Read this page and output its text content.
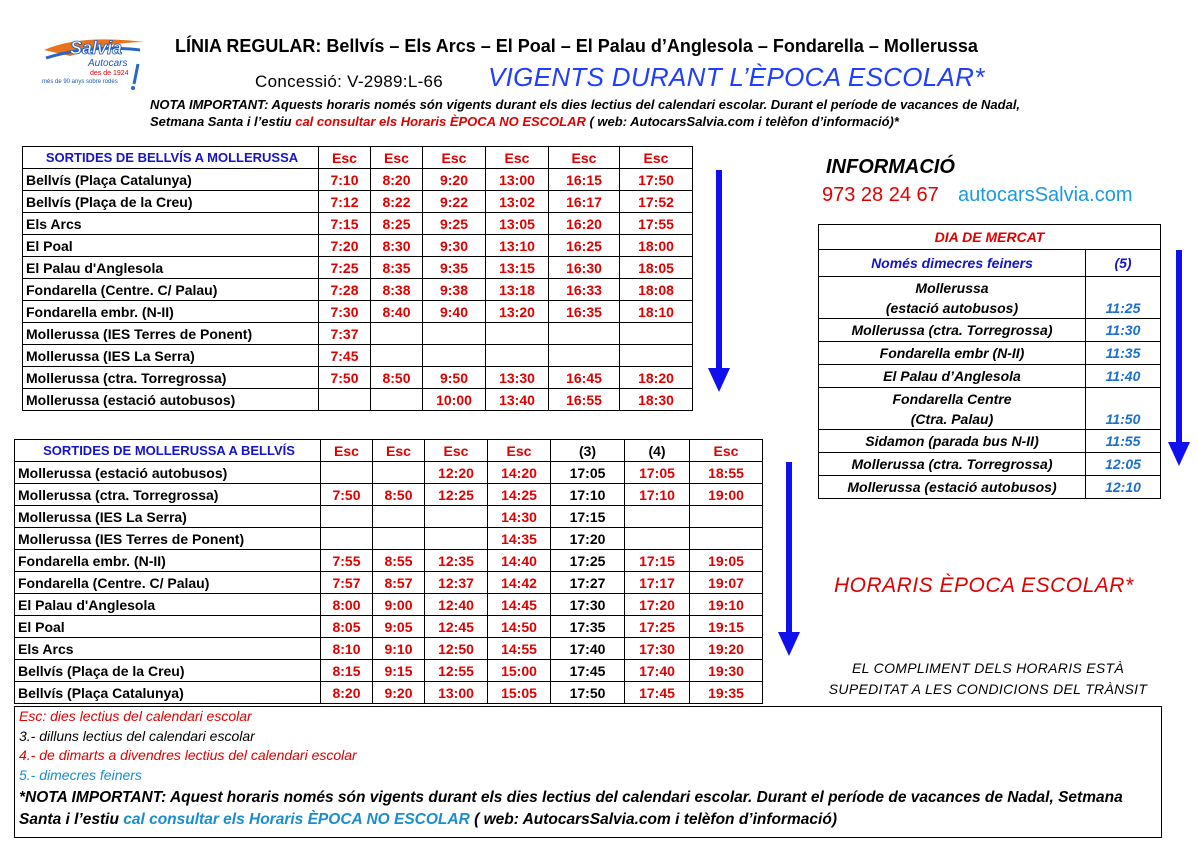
Salvia
Autocars
des de 1924
més de 90 anys sobre rodes
LÍNIA REGULAR: Bellvís – Els Arcs – El Poal – El Palau d’Anglesola – Fondarella – Mollerussa
Concessió: V-2989:L-66 VIGENTS DURANT L’ÈPOCA ESCOLAR*
NOTA IMPORTANT: Aquests horaris només són vigents durant els dies lectius del calendari escolar. Durant el període de vacances de Nadal, Setmana Santa i l’estiu cal consultar els Horaris ÈPOCA NO ESCOLAR ( web: AutocarsSalvia.com i telèfon d’informació)*
SORTIDES DE BELLVÍS A MOLLERUSSA	Esc	Esc	Esc	Esc	Esc	Esc
Bellvís (Plaça Catalunya)	7:10	8:20	9:20	13:00	16:15	17:50
Bellvís (Plaça de la Creu)	7:12	8:22	9:22	13:02	16:17	17:52
Els Arcs	7:15	8:25	9:25	13:05	16:20	17:55
El Poal	7:20	8:30	9:30	13:10	16:25	18:00
El Palau d'Anglesola	7:25	8:35	9:35	13:15	16:30	18:05
Fondarella (Centre. C/ Palau)	7:28	8:38	9:38	13:18	16:33	18:08
Fondarella embr. (N-II)	7:30	8:40	9:40	13:20	16:35	18:10
Mollerussa (IES Terres de Ponent)	7:37					
Mollerussa (IES La Serra)	7:45					
Mollerussa (ctra. Torregrossa)	7:50	8:50	9:50	13:30	16:45	18:20
Mollerussa (estació autobusos)			10:00	13:40	16:55	18:30
SORTIDES DE MOLLERUSSA A BELLVÍS	Esc	Esc	Esc	Esc	(3)	(4)	Esc
Mollerussa (estació autobusos)			12:20	14:20	17:05	17:05	18:55
Mollerussa (ctra. Torregrossa)	7:50	8:50	12:25	14:25	17:10	17:10	19:00
Mollerussa (IES La Serra)				14:30	17:15		
Mollerussa (IES Terres de Ponent)				14:35	17:20		
Fondarella embr. (N-II)	7:55	8:55	12:35	14:40	17:25	17:15	19:05
Fondarella (Centre. C/ Palau)	7:57	8:57	12:37	14:42	17:27	17:17	19:07
El Palau d'Anglesola	8:00	9:00	12:40	14:45	17:30	17:20	19:10
El Poal	8:05	9:05	12:45	14:50	17:35	17:25	19:15
Els Arcs	8:10	9:10	12:50	14:55	17:40	17:30	19:20
Bellvís (Plaça de la Creu)	8:15	9:15	12:55	15:00	17:45	17:40	19:30
Bellvís (Plaça Catalunya)	8:20	9:20	13:00	15:05	17:50	17:45	19:35
INFORMACIÓ
973 28 24 67 autocarsSalvia.com
DIA DE MERCAT	
Només dimecres feiners	(5)

Mollerussa
(estació autobusos)	11:25

Mollerussa (ctra. Torregrossa)	11:30

Fondarella embr (N-II)	11:35

El Palau d’Anglesola	11:40

Fondarella Centre
(Ctra. Palau)	11:50

Sidamon (parada bus N-II)	11:55

Mollerussa (ctra. Torregrossa)	12:05

Mollerussa (estació autobusos)	12:10
HORARIS ÈPOCA ESCOLAR*
EL COMPLIMENT DELS HORARIS ESTÀ
SUPEDITAT A LES CONDICIONS DEL TRÀNSIT
Esc: dies lectius del calendari escolar
3.- dilluns lectius del calendari escolar
4.- de dimarts a divendres lectius del calendari escolar
5.- dimecres feiners
*NOTA IMPORTANT: Aquest horaris només són vigents durant els dies lectius del calendari escolar. Durant el període de vacances de Nadal, Setmana Santa i l’estiu cal consultar els Horaris ÈPOCA NO ESCOLAR ( web: AutocarsSalvia.com i telèfon d’informació)
